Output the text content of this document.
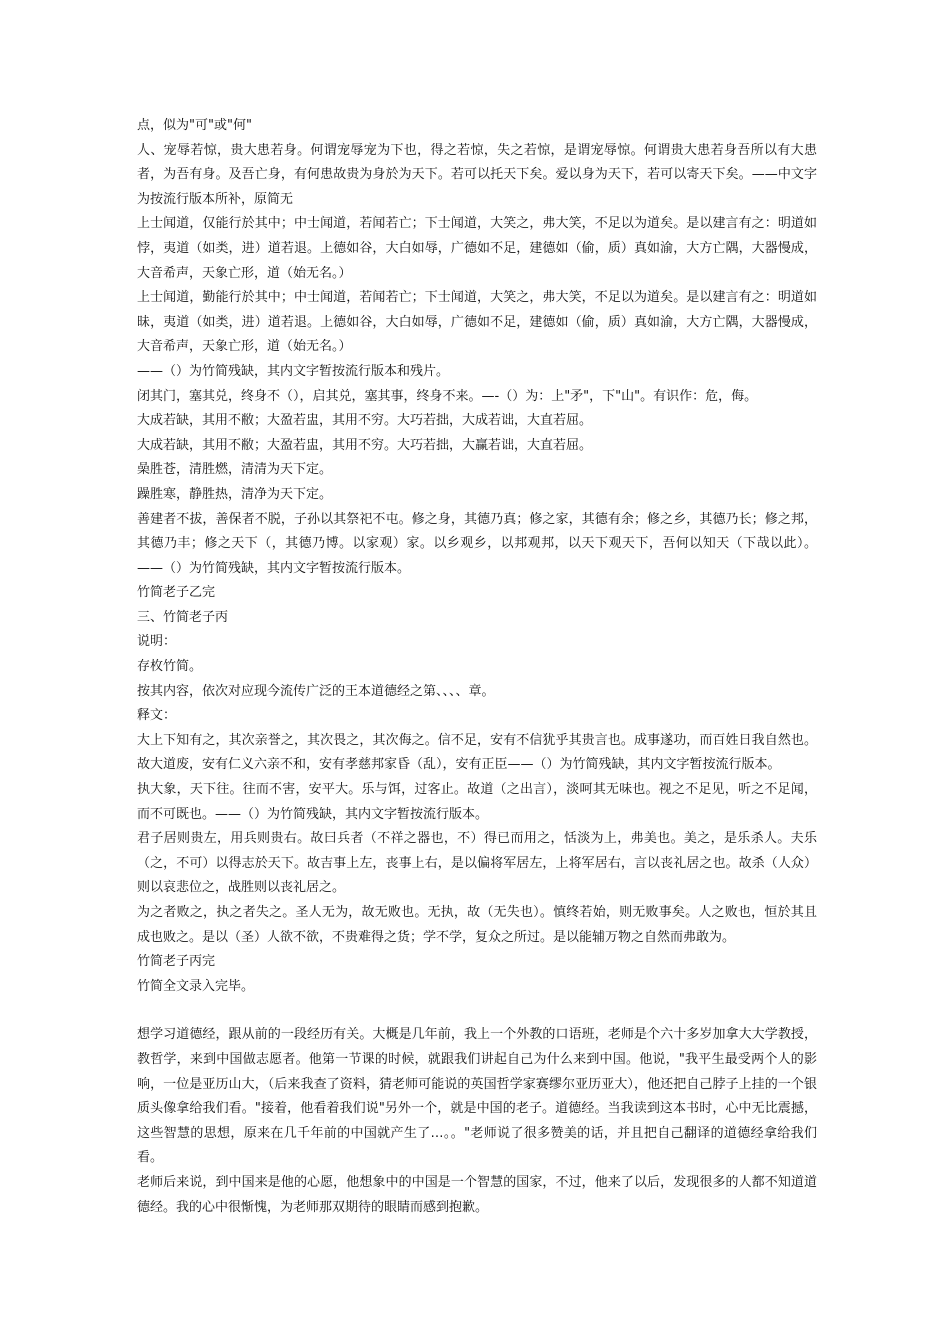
点，似为"可"或"何"

人、宠辱若惊，贵大患若身。何谓宠辱宠为下也，得之若惊，失之若惊，是谓宠辱惊。何谓贵大患若身吾所以有大患者，为吾有身。及吾亡身，有何患故贵为身於为天下。若可以托天下矣。爱以身为天下，若可以寄天下矣。——中文字为按流行版本所补，原简无

上士闻道，仅能行於其中；中士闻道，若闻若亡；下士闻道，大笑之，弗大笑，不足以为道矣。是以建言有之：明道如悖，夷道（如类，进）道若退。上德如谷，大白如辱，广德如不足，建德如（偷，质）真如渝，大方亡隅，大器慢成，大音希声，天象亡形，道（始无名。）

上士闻道，勤能行於其中；中士闻道，若闻若亡；下士闻道，大笑之，弗大笑，不足以为道矣。是以建言有之：明道如昧，夷道（如类，进）道若退。上德如谷，大白如辱，广德如不足，建德如（偷，质）真如渝，大方亡隅，大器慢成，大音希声，天象亡形，道（始无名。）

——（）为竹简残缺，其内文字暂按流行版本和残片。

闭其门，塞其兑，终身不（），启其兑，塞其事，终身不来。—-（）为：上"矛"，下"山"。有识作：危，侮。

大成若缺，其用不敝；大盈若盅，其用不穷。大巧若拙，大成若诎，大直若屈。

大成若缺，其用不敝；大盈若盅，其用不穷。大巧若拙，大赢若诎，大直若屈。

喿胜苍，清胜燃，清清为天下定。

躁胜寒，静胜热，清净为天下定。

善建者不拔，善保者不脱，子孙以其祭祀不屯。修之身，其德乃真；修之家，其德有余；修之乡，其德乃长；修之邦，其德乃丰；修之天下（，其德乃博。以家观）家。以乡观乡，以邦观邦，以天下观天下，吾何以知天（下哉以此）。——（）为竹简残缺，其内文字暂按流行版本。

竹简老子乙完

三、竹简老子丙

说明：

存枚竹简。

按其内容，依次对应现今流传广泛的王本道德经之第、、、、章。

释文：

大上下知有之，其次亲誉之，其次畏之，其次侮之。信不足，安有不信犹乎其贵言也。成事遂功，而百姓日我自然也。故大道废，安有仁义六亲不和，安有孝慈邦家昏（乱），安有正臣——（）为竹简残缺，其内文字暂按流行版本。

执大象，天下往。往而不害，安平大。乐与饵，过客止。故道（之出言），淡呵其无味也。视之不足见，听之不足闻，而不可既也。——（）为竹简残缺，其内文字暂按流行版本。

君子居则贵左，用兵则贵右。故曰兵者（不祥之器也，不）得已而用之，恬淡为上，弗美也。美之，是乐杀人。夫乐（之，不可）以得志於天下。故吉事上左，丧事上右，是以偏将军居左，上将军居右，言以丧礼居之也。故杀（人众）则以哀悲位之，战胜则以丧礼居之。

为之者败之，执之者失之。圣人无为，故无败也。无执，故（无失也）。慎终若始，则无败事矣。人之败也，恒於其且成也败之。是以（圣）人欲不欲，不贵难得之货；学不学，复众之所过。是以能辅万物之自然而弗敢为。

竹简老子丙完

竹简全文录入完毕。

想学习道德经，跟从前的一段经历有关。大概是几年前，我上一个外教的口语班，老师是个六十多岁加拿大大学教授，教哲学，来到中国做志愿者。他第一节课的时候，就跟我们讲起自己为什么来到中国。他说，"我平生最受两个人的影响，一位是亚历山大，（后来我查了资料，猜老师可能说的英国哲学家赛缪尔亚历亚大），他还把自己脖子上挂的一个银质头像拿给我们看。"接着，他看着我们说"另外一个，就是中国的老子。道德经。当我读到这本书时，心中无比震撼，这些智慧的思想，原来在几千年前的中国就产生了…。。"老师说了很多赞美的话，并且把自己翻译的道德经拿给我们看。

老师后来说，到中国来是他的心愿，他想象中的中国是一个智慧的国家，不过，他来了以后，发现很多的人都不知道道德经。我的心中很惭愧，为老师那双期待的眼睛而感到抱歉。
